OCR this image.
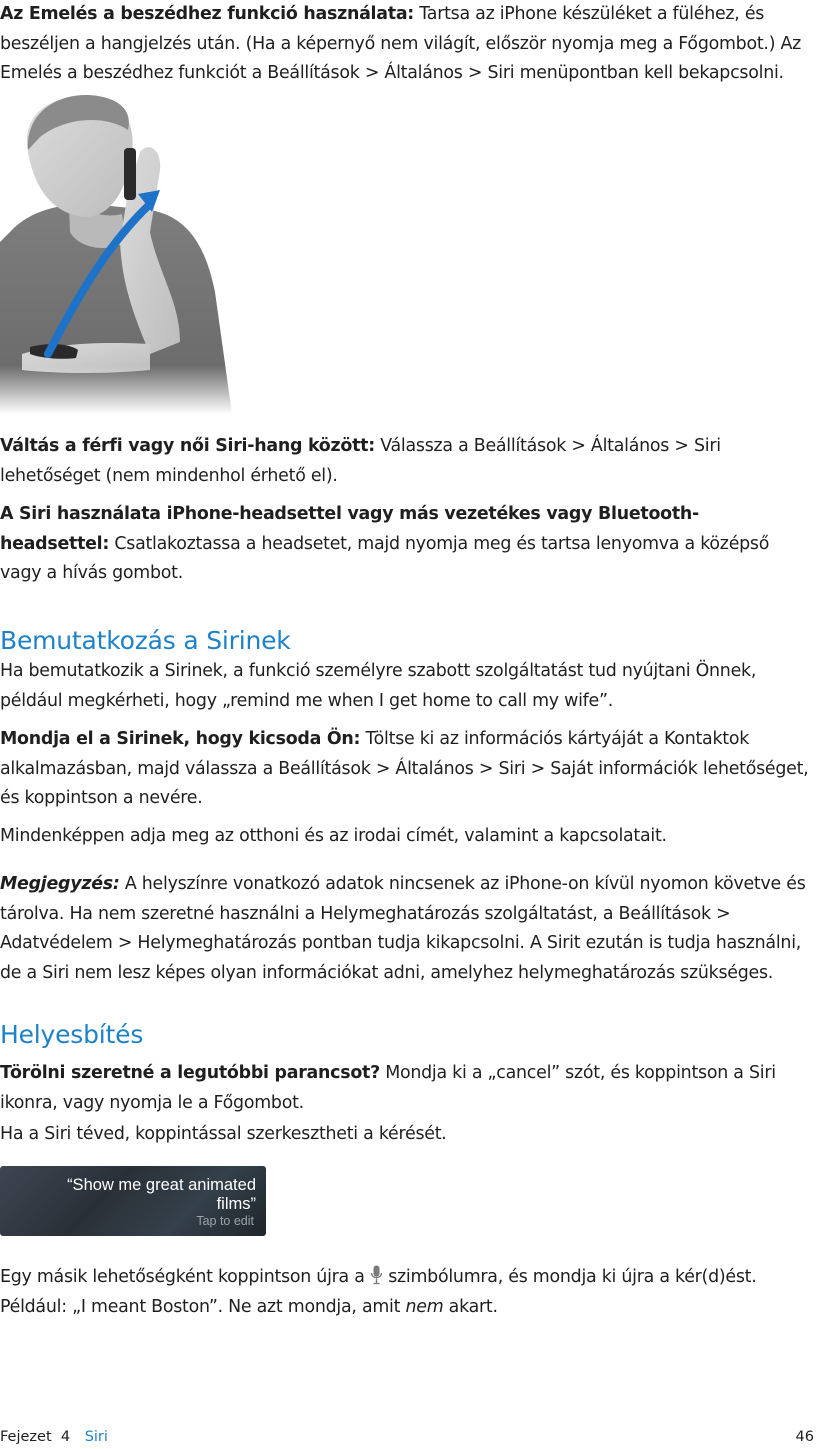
Az Emelés a beszédhez funkció használata: Tartsa az iPhone készüléket a füléhez, és beszéljen a hangjelzés után. (Ha a képernyő nem világít, először nyomja meg a Főgombot.) Az Emelés a beszédhez funkciót a Beállítások > Általános > Siri menüpontban kell bekapcsolni.

Váltás a férfi vagy női Siri-hang között: Válassza a Beállítások > Általános > Siri lehetőséget (nem mindenhol érhető el).

A Siri használata iPhone-headsettel vagy más vezetékes vagy Bluetooth-headsettel: Csatlakoztassa a headsetet, majd nyomja meg és tartsa lenyomva a középső vagy a hívás gombot.

Bemutatkozás a Sirinek

Ha bemutatkozik a Sirinek, a funkció személyre szabott szolgáltatást tud nyújtani Önnek, például megkérheti, hogy „remind me when I get home to call my wife”.

Mondja el a Sirinek, hogy kicsoda Ön: Töltse ki az információs kártyáját a Kontaktok alkalmazásban, majd válassza a Beállítások > Általános > Siri > Saját információk lehetőséget, és koppintson a nevére.

Mindenképpen adja meg az otthoni és az irodai címét, valamint a kapcsolatait.

Megjegyzés: A helyszínre vonatkozó adatok nincsenek az iPhone-on kívül nyomon követve és tárolva. Ha nem szeretné használni a Helymeghatározás szolgáltatást, a Beállítások > Adatvédelem > Helymeghatározás pontban tudja kikapcsolni. A Sirit ezután is tudja használni, de a Siri nem lesz képes olyan információkat adni, amelyhez helymeghatározás szükséges.

Helyesbítés

Törölni szeretné a legutóbbi parancsot? Mondja ki a „cancel” szót, és koppintson a Siri ikonra, vagy nyomja le a Főgombot.

Ha a Siri téved, koppintással szerkesztheti a kérését.

“Show me great animated
films”
Tap to edit

Egy másik lehetőségként koppintson újra a  szimbólumra, és mondja ki újra a kér(d)ést. Például: „I meant Boston”. Ne azt mondja, amit nem akart.

Fejezet  4 Siri	46
